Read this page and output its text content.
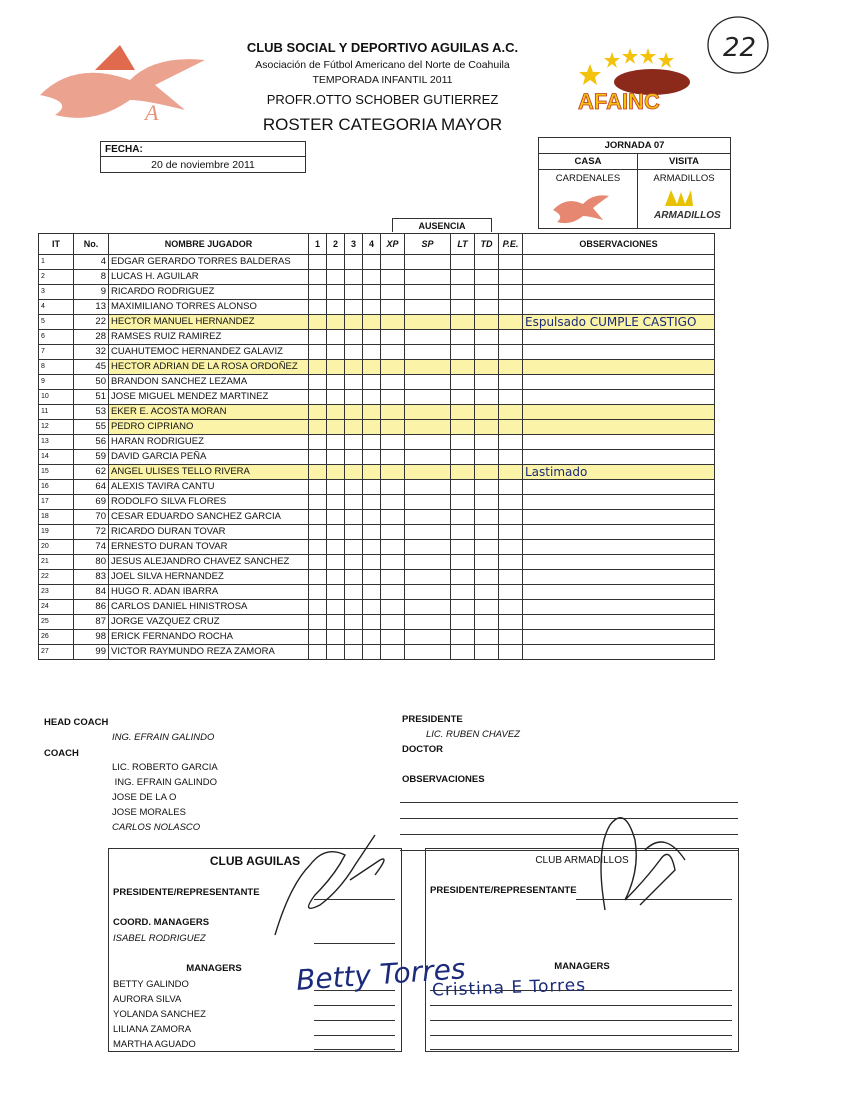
A
CLUB SOCIAL Y DEPORTIVO AGUILAS A.C.
Asociación de Fútbol Americano del Norte de Coahuila
TEMPORADA INFANTIL 2011
PROFR.OTTO SCHOBER GUTIERREZ
ROSTER CATEGORIA MAYOR
AFAINC
22
FECHA:
20 de noviembre 2011
JORNADA 07
CASA	VISITA
CARDENALES	ARMADILLOS
ARMADILLOS
AUSENCIA
IT	No.	NOMBRE JUGADOR	1	2	3	4	XP	SP	LT	TD	P.E.	OBSERVACIONES
1	4	EDGAR GERARDO TORRES BALDERAS										
2	8	LUCAS H. AGUILAR										
3	9	RICARDO RODRIGUEZ										
4	13	MAXIMILIANO TORRES ALONSO										
5	22	HECTOR MANUEL HERNANDEZ										Espulsado CUMPLE CASTIGO
6	28	RAMSES RUIZ RAMIREZ										
7	32	CUAHUTEMOC HERNANDEZ GALAVIZ										
8	45	HECTOR ADRIAN DE LA ROSA ORDOÑEZ										
9	50	BRANDON SANCHEZ LEZAMA										
10	51	JOSE MIGUEL MENDEZ MARTINEZ										
11	53	EKER E. ACOSTA MORAN										
12	55	PEDRO CIPRIANO										
13	56	HARAN RODRIGUEZ										
14	59	DAVID GARCIA PEÑA										
15	62	ANGEL ULISES TELLO RIVERA										Lastimado
16	64	ALEXIS TAVIRA CANTU										
17	69	RODOLFO SILVA FLORES										
18	70	CESAR EDUARDO SANCHEZ GARCIA										
19	72	RICARDO DURAN TOVAR										
20	74	ERNESTO DURAN TOVAR										
21	80	JESUS ALEJANDRO CHAVEZ SANCHEZ										
22	83	JOEL SILVA HERNANDEZ										
23	84	HUGO R. ADAN IBARRA										
24	86	CARLOS DANIEL HINISTROSA										
25	87	JORGE VAZQUEZ CRUZ										
26	98	ERICK FERNANDO ROCHA										
27	99	VICTOR RAYMUNDO REZA ZAMORA										
HEAD COACH
ING. EFRAIN GALINDO
COACH
LIC. ROBERTO GARCIA
ING. EFRAIN GALINDO
JOSE DE LA O
JOSE MORALES
CARLOS NOLASCO
PRESIDENTE
LIC. RUBEN CHAVEZ
DOCTOR
OBSERVACIONES
CLUB AGUILAS
PRESIDENTE/REPRESENTANTE
COORD. MANAGERS
ISABEL RODRIGUEZ
MANAGERS
BETTY GALINDO
AURORA SILVA
YOLANDA SANCHEZ
LILIANA ZAMORA
MARTHA AGUADO
Betty Torres
CLUB ARMADILLOS
PRESIDENTE/REPRESENTANTE
MANAGERS
Cristina E Torres
